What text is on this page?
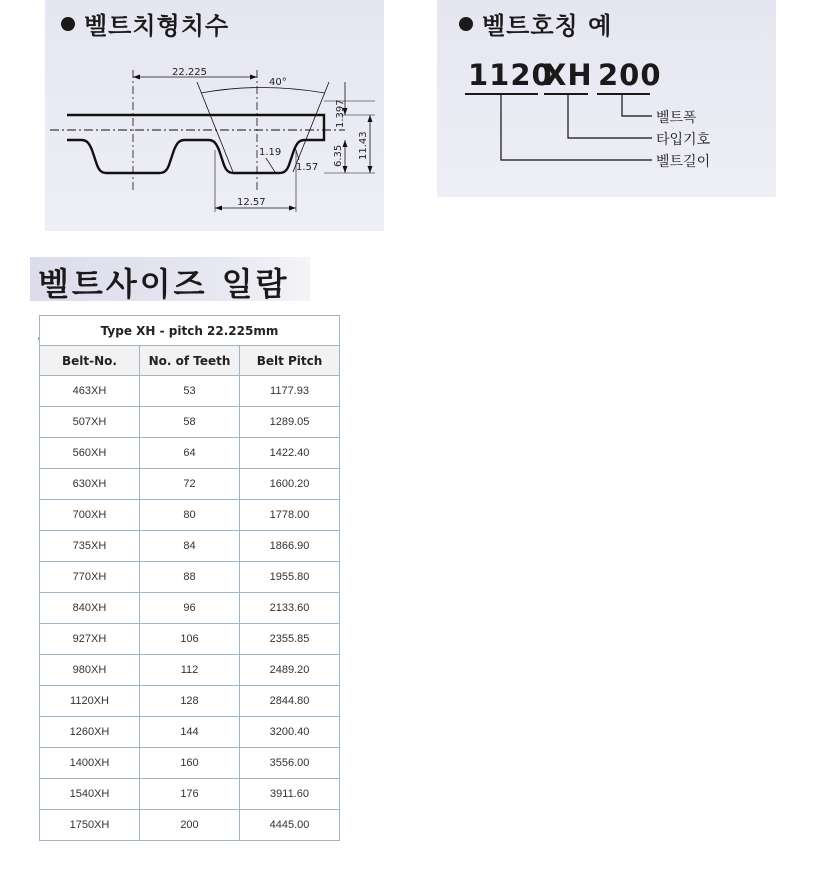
벨트치형치수
22.225
40°
1.397
6.35 11.43
1.19
1.57
12.57
벨트호칭 예
1120
XH 200
벨트폭
타입기호
벨트길이
벨트사이즈 일람
Type XH - pitch 22.225mm		
Belt-No.	No. of Teeth	Belt Pitch
463XH	53	1177.93
507XH	58	1289.05
560XH	64	1422.40
630XH	72	1600.20
700XH	80	1778.00
735XH	84	1866.90
770XH	88	1955.80
840XH	96	2133.60
927XH	106	2355.85
980XH	112	2489.20
1120XH	128	2844.80
1260XH	144	3200.40
1400XH	160	3556.00
1540XH	176	3911.60
1750XH	200	4445.00
